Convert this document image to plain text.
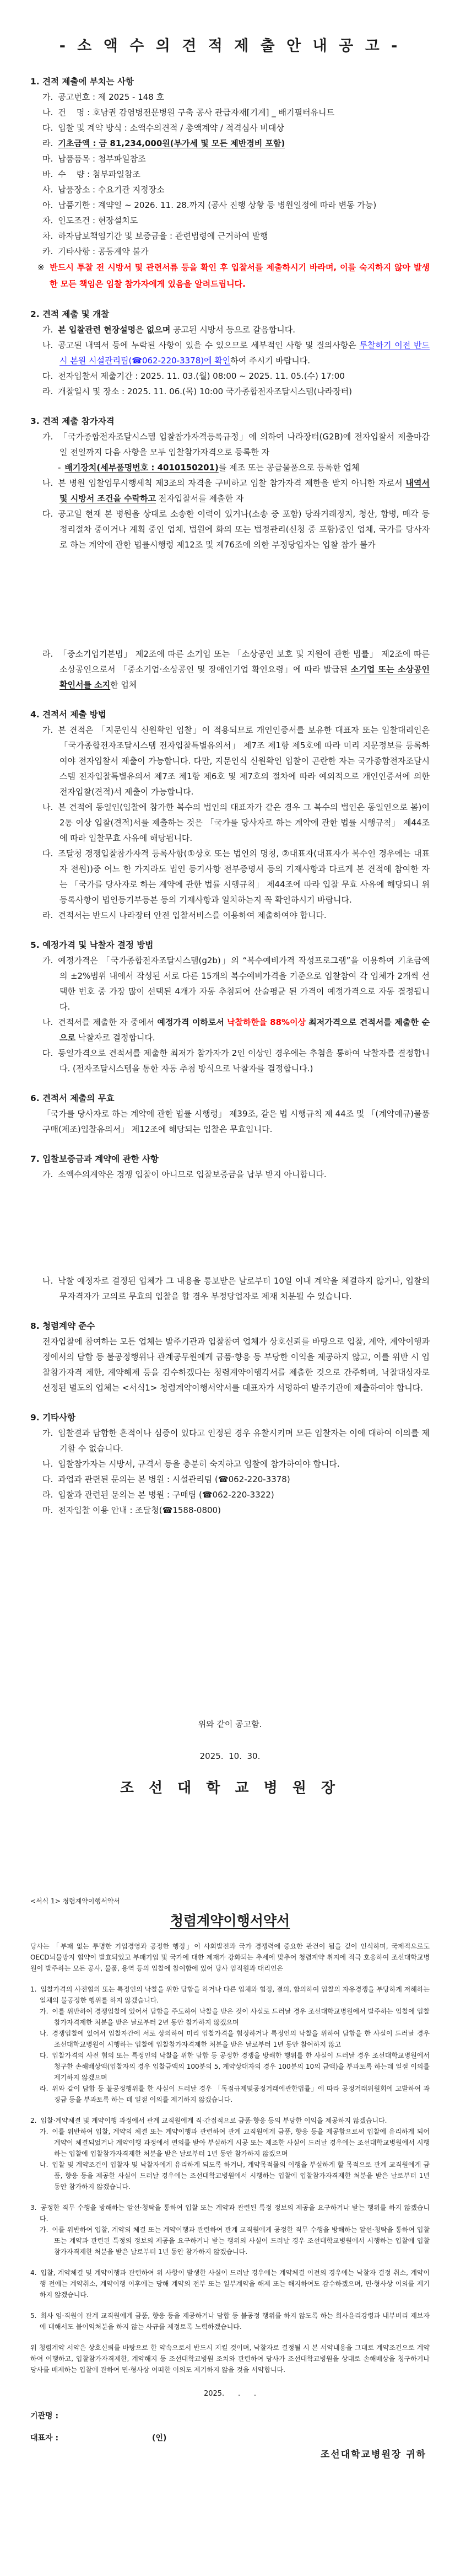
- 소 액 수 의 견 적 제 출 안 내 공 고 -
1. 견적 제출에 부치는 사항
가. 공고번호 : 제 2025 - 148 호
나. 건    명 : 호남권 감염병전문병원 구축 공사 관급자재[기계] _ 배기필터유니트
다. 입찰 및 계약 방식 : 소액수의견적 / 총액계약 / 적격심사 비대상
라. 기초금액 : 금 81,234,000원(부가세 및 모든 제반경비 포함)
마. 납품품목 : 첨부파일참조
바. 수    량 : 첨부파일참조
사. 납품장소 : 수요기관 지정장소
아. 납품기한 : 계약일 ~ 2026. 11. 28.까지 (공사 진행 상황 등 병원일정에 따라 변동 가능)
자. 인도조건 : 현장설치도
차. 하자담보책임기간 및 보증금율 : 관련법령에 근거하여 발행
카. 기타사항 : 공동계약 불가
※ 반드시 투찰 전 시방서 및 관련서류 등을 확인 후 입찰서를 제출하시기 바라며, 이를 숙지하지 않아 발생한 모든 책임은 입찰 참가자에게 있음을 알려드립니다.
2. 견적 제출 및 개찰
가. 본 입찰관련 현장설명은 없으며 공고된 시방서 등으로 갈음합니다.
나. 공고된 내역서 등에 누락된 사항이 있을 수 있으므로 세부적인 사항 및 질의사항은 투찰하기 이전 반드시 본원 시설관리팀(☎062-220-3378)에 확인하여 주시기 바랍니다.
다. 전자입찰서 제출기간 : 2025. 11. 03.(월) 08:00 ~ 2025. 11. 05.(수) 17:00
라. 개찰일시 및 장소 : 2025. 11. 06.(목) 10:00 국가종합전자조달시스템(나라장터)
3. 견적 제출 참가자격
가. 「국가종합전자조달시스템 입찰참가자격등록규정」에 의하여 나라장터(G2B)에 전자입찰서 제출마감일 전일까지 다음 사항을 모두 입찰참가자격으로 등록한 자
- 배기장치(세부품명번호 : 4010150201)를 제조 또는 공급물품으로 등록한 업체
나. 본 병원 입찰업무시행세칙 제3조의 자격을 구비하고 입찰 참가자격 제한을 받지 아니한 자로서 내역서 및 시방서 조건을 수락하고 전자입찰서를 제출한 자
다. 공고일 현재 본 병원을 상대로 소송한 이력이 있거나(소송 중 포함) 당좌거래정지, 청산, 합병, 매각 등 정리절차 중이거나 계획 중인 업체, 법원에 화의 또는 법정관리(신청 중 포함)중인 업체, 국가를 당사자로 하는 계약에 관한 법률시행령 제12조 및 제76조에 의한 부정당업자는 입찰 참가 불가
라. 「중소기업기본법」 제2조에 따른 소기업 또는 「소상공인 보호 및 지원에 관한 법률」 제2조에 따른 소상공인으로서 「중소기업·소상공인 및 장애인기업 확인요령」에 따라 발급된 소기업 또는 소상공인확인서를 소지한 업체
4. 견적서 제출 방법
가. 본 견적은 「지문인식 신원확인 입찰」이 적용되므로 개인인증서를 보유한 대표자 또는 입찰대리인은 「국가종합전자조달시스템 전자입찰특별유의서」 제7조 제1항 제5호에 따라 미리 지문정보를 등록하여야 전자입찰서 제출이 가능합니다. 다만, 지문인식 신원확인 입찰이 곤란한 자는 국가종합전자조달시스템 전자입찰특별유의서 제7조 제1항 제6호 및 제7호의 절차에 따라 예외적으로 개인인증서에 의한 전자입찰(견적)서 제출이 가능합니다.
나. 본 견적에 동일인(입찰에 참가한 복수의 법인의 대표자가 같은 경우 그 복수의 법인은 동일인으로 봄)이 2통 이상 입찰(견적)서를 제출하는 것은 「국가를 당사자로 하는 계약에 관한 법률 시행규칙」 제44조에 따라 입찰무효 사유에 해당됩니다.
다. 조달청 경쟁입찰참가자격 등록사항(①상호 또는 법인의 명칭, ②대표자(대표자가 복수인 경우에는 대표자 전원))중 어느 한 가지라도 법인 등기사항 전부증명서 등의 기재사항과 다르게 본 견적에 참여한 자는 「국가를 당사자로 하는 계약에 관한 법률 시행규칙」 제44조에 따라 입찰 무효 사유에 해당되니 위 등록사항이 법인등기부등본 등의 기재사항과 일치하는지 꼭 확인하시기 바랍니다.
라. 견적서는 반드시 나라장터 안전 입찰서비스를 이용하여 제출하여야 합니다.
5. 예정가격 및 낙찰자 결정 방법
가. 예정가격은 「국가종합전자조달시스템(g2b)」의 “복수예비가격 작성프로그램”을 이용하여 기초금액의 ±2%범위 내에서 작성된 서로 다른 15개의 복수예비가격을 기준으로 입찰참여 각 업체가 2개씩 선택한 번호 중 가장 많이 선택된 4개가 자동 추첨되어 산술평균 된 가격이 예정가격으로 자동 결정됩니다.
나. 견적서를 제출한 자 중에서 예정가격 이하로서 낙찰하한율 88%이상 최저가격으로 견적서를 제출한 순으로 낙찰자로 결정합니다.
다. 동일가격으로 견적서를 제출한 최저가 참가자가 2인 이상인 경우에는 추첨을 통하여 낙찰자를 결정합니다. (전자조달시스템을 통한 자동 추첨 방식으로 낙찰자를 결정합니다.)
6. 견적서 제출의 무효
「국가를 당사자로 하는 계약에 관한 법률 시행령」 제39조, 같은 법 시행규칙 제 44조 및 「(계약예규)물품구매(제조)입찰유의서」 제12조에 해당되는 입찰은 무효입니다.
7. 입찰보증금과 계약에 관한 사항
가. 소액수의계약은 경쟁 입찰이 아니므로 입찰보증금을 납부 받지 아니합니다.
나. 낙찰 예정자로 결정된 업체가 그 내용을 통보받은 날로부터 10일 이내 계약을 체결하지 않거나, 입찰의 무자격자가 고의로 무효의 입찰을 할 경우 부정당업자로 제재 처분될 수 있습니다.
8. 청렴계약 준수
전자입찰에 참여하는 모든 업체는 발주기관과 입찰참여 업체가 상호신뢰를 바탕으로 입찰, 계약, 계약이행과정에서의 담합 등 불공정행위나 관계공무원에게 금품·향응 등 부당한 이익을 제공하지 않고, 이를 위반 시 입찰참가자격 제한, 계약해제 등을 감수하겠다는 청렴계약이행각서를 제출한 것으로 간주하며, 낙찰대상자로 선정된 별도의 업체는 <서식1> 청렴계약이행서약서를 대표자가 서명하여 발주기관에 제출하여야 합니다.
9. 기타사항
가. 입찰결과 담합한 흔적이나 심증이 있다고 인정된 경우 유찰시키며 모든 입찰자는 이에 대하여 이의를 제기할 수 없습니다.
나. 입찰참가자는 시방서, 규격서 등을 충분히 숙지하고 입찰에 참가하여야 합니다.
다. 과업과 관련된 문의는 본 병원 : 시설관리팀 (☎062-220-3378)
라. 입찰과 관련된 문의는 본 병원 : 구매팀 (☎062-220-3322)
마. 전자입찰 이용 안내 : 조달청(☎1588-0800)
위와 같이 공고함.
2025.  10.  30.
조 선 대 학 교 병 원 장
<서식 1> 청렴계약이행서약서
청렴계약이행서약서
당사는 「부패 없는 투명한 기업경영과 공정한 행정」이 사회발전과 국가 경쟁력에 중요한 관건이 됨을 깊이 인식하며, 국제적으로도 OECD뇌물방지 협약이 발효되었고 부패기업 및 국가에 대한 제재가 강화되는 추세에 맞추어 청렴계약 취지에 적극 호응하여 조선대학교병원이 발주하는 모든 공사, 물품, 용역 등의 입찰에 참여함에 있어 당사 임직원과 대리인은
1. 입찰가격의 사전협의 또는 특정인의 낙찰을 위한 담합을 하거나 다른 업체와 협정, 결의, 합의하여 입찰의 자유경쟁을 부당하게 저해하는 일체의 불공정한 행위를 하지 않겠습니다.
가. 이를 위반하여 경쟁입찰에 있어서 담합을 주도하여 낙찰을 받은 것이 사실로 드러날 경우 조선대학교병원에서 발주하는 입찰에 입찰참가자격제한 처분을 받은 날로부터 2년 동안 참가하지 않겠으며
나. 경쟁입찰에 있어서 입찰자간에 서로 상의하여 미리 입찰가격을 협정하거나 특정인의 낙찰을 위하여 담합을 한 사실이 드러날 경우 조선대학교병원이 시행하는 입찰에 입찰참가자격제한 처분을 받은 날로부터 1년 동안 참여하지 않고
다. 입찰가격의 사전 협의 또는 특정인의 낙찰을 위한 담합 등 공정한 경쟁을 방해한 행위를 한 사실이 드러날 경우 조선대학교병원에서 청구한 손해배상액(입찰자의 경우 입찰금액의 100분의 5, 계약상대자의 경우 100분의 10의 금액)을 부과토록 하는데 일절 이의를 제기하지 않겠으며
라. 위와 같이 담합 등 불공정행위를 한 사실이 드러날 경우 「독점규제및공정거래에관한법률」에 따라 공정거래위원회에 고발하여 과징금 등을 부과토록 하는 데 일절 이의를 제기하지 않겠습니다.
2. 입찰·계약체결 및 계약이행 과정에서 관계 교직원에게 직·간접적으로 금품·향응 등의 부당한 이익을 제공하지 않겠습니다.
가. 이를 위반하여 입찰, 계약의 체결 또는 계약이행과 관련하여 관계 교직원에게 금품, 향응 등을 제공함으로써 입찰에 유리하게 되어 계약이 체결되었거나 계약이행 과정에서 편의를 받아 부실하게 시공 또는 제조한 사실이 드러날 경우에는 조선대학교병원에서 시행하는 입찰에 입찰참가자격제한 처분을 받은 날로부터 1년 동안 참가하지 않겠으며
나. 입찰 및 계약조건이 입찰자 및 낙찰자에게 유리하게 되도록 하거나, 계약목적물의 이행을 부실하게 할 목적으로 관계 교직원에게 금품, 향응 등을 제공한 사실이 드러날 경우에는 조선대학교병원에서 시행하는 입찰에 입찰참가자격제한 처분을 받은 날로부터 1년 동안 참가하지 않겠습니다.
3. 공정한 직무 수행을 방해하는 알선·청탁을 통하여 입찰 또는 계약과 관련된 특정 정보의 제공을 요구하거나 받는 행위를 하지 않겠습니다.
가. 이를 위반하여 입찰, 계약의 체결 또는 계약이행과 관련하여 관계 교직원에게 공정한 직무 수행을 방해하는 알선·청탁을 통하여 입찰 또는 계약과 관련된 특정의 정보의 제공을 요구하거나 받는 행위의 사실이 드러날 경우 조선대학교병원에서 시행하는 입찰에 입찰참가자격제한 처분을 받은 날로부터 1년 동안 참가하지 않겠습니다.
4. 입찰, 계약체결 및 계약이행과 관련하여 위 사항이 발생한 사실이 드러날 경우에는 계약체결 이전의 경우에는 낙찰자 결정 취소, 계약이행 전에는 계약취소, 계약이행 이후에는 당해 계약의 전부 또는 일부계약을 해제 또는 해지하여도 감수하겠으며, 민·형사상 이의를 제기하지 않겠습니다.
5. 회사 임·직원이 관계 교직원에게 금품, 향응 등을 제공하거나 담합 등 불공정 행위를 하지 않도록 하는 회사윤리강령과 내부비리 제보자에 대해서도 불이익처분을 하지 않는 사규를 제정토록 노력하겠습니다.
위 청렴계약 서약은 상호신뢰를 바탕으로 한 약속으로서 반드시 지킬 것이며, 낙찰자로 결정될 시 본 서약내용을 그대로 계약조건으로 계약하여 이행하고, 입찰참가자격제한, 계약해지 등 조선대학교병원 조치와 관련하여 당사가 조선대학교병원을 상대로 손해배상을 청구하거나 당사를 배제하는 입찰에 관하여 민·형사상 어떠한 이의도 제기하지 않을 것을 서약합니다.
2025.      .      .
기관명 :
대표자 :	(인)
조선대학교병원장 귀하
